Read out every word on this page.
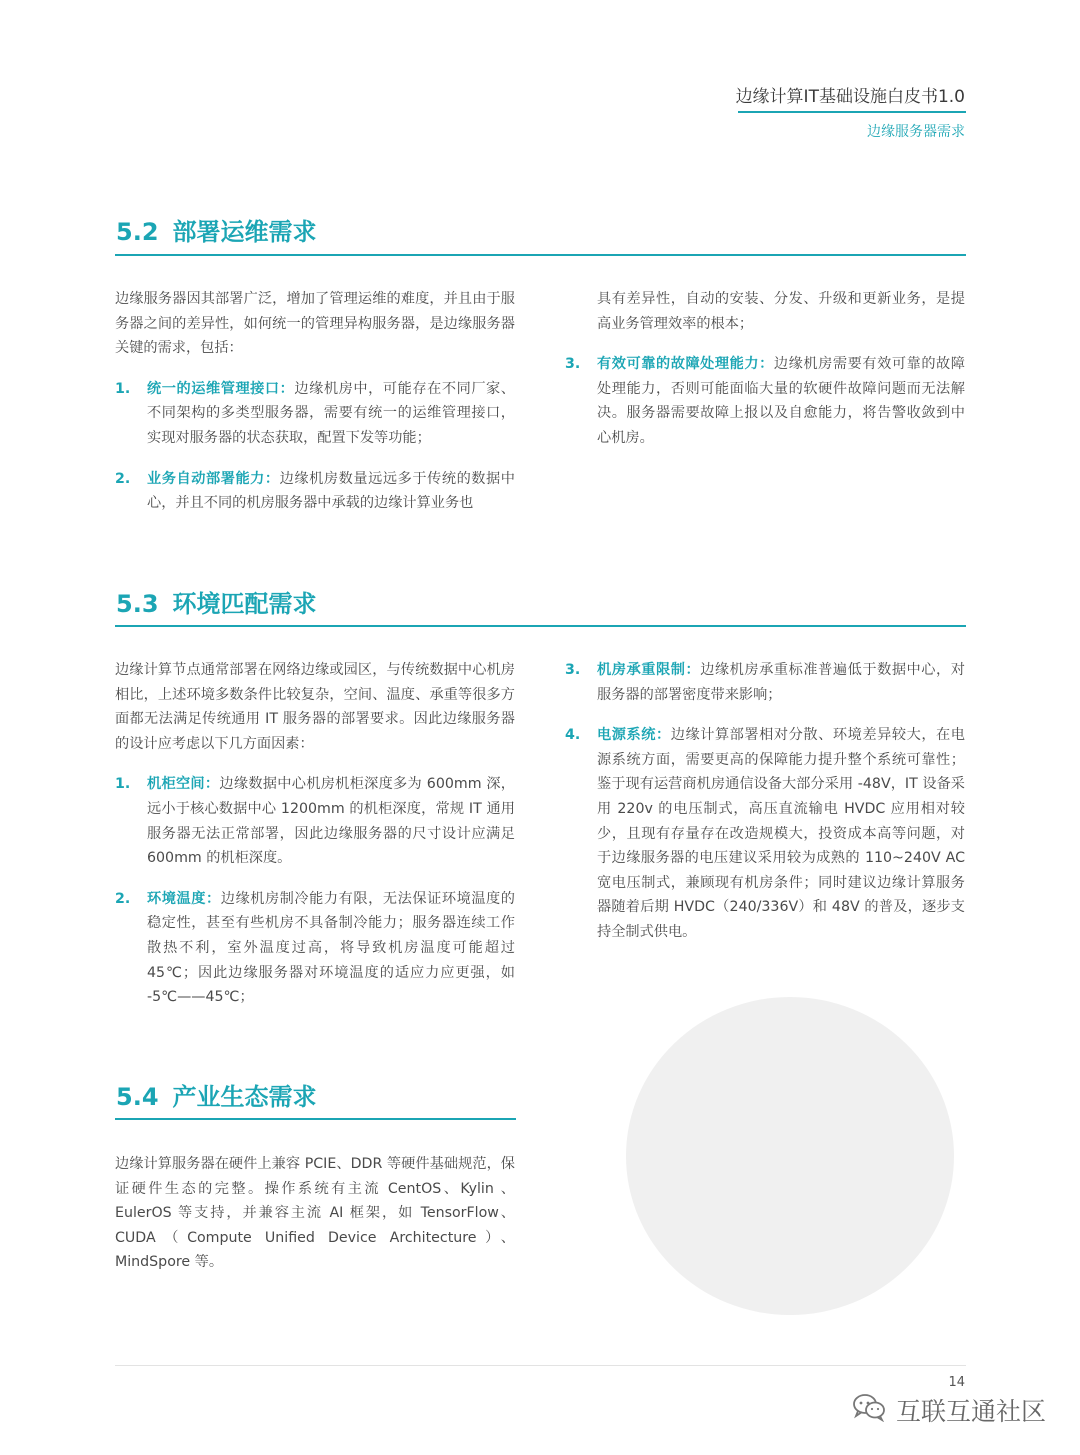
边缘计算IT基础设施白皮书1.0
边缘服务器需求
5.2 部署运维需求

边缘服务器因其部署广泛，增加了管理运维的难度，并且由于服务器之间的差异性，如何统一的管理异构服务器，是边缘服务器关键的需求，包括：

1. 统一的运维管理接口：边缘机房中，可能存在不同厂家、不同架构的多类型服务器，需要有统一的运维管理接口，实现对服务器的状态获取，配置下发等功能；
2. 业务自动部署能力：边缘机房数量远远多于传统的数据中心，并且不同的机房服务器中承载的边缘计算业务也
具有差异性，自动的安装、分发、升级和更新业务，是提高业务管理效率的根本；
3. 有效可靠的故障处理能力：边缘机房需要有效可靠的故障处理能力，否则可能面临大量的软硬件故障问题而无法解决。服务器需要故障上报以及自愈能力，将告警收敛到中心机房。
5.3 环境匹配需求

边缘计算节点通常部署在网络边缘或园区，与传统数据中心机房相比，上述环境多数条件比较复杂，空间、温度、承重等很多方面都无法满足传统通用 IT 服务器的部署要求。因此边缘服务器的设计应考虑以下几方面因素：

1. 机柜空间：边缘数据中心机房机柜深度多为 600mm 深，远小于核心数据中心 1200mm 的机柜深度，常规 IT 通用服务器无法正常部署，因此边缘服务器的尺寸设计应满足 600mm 的机柜深度。
2. 环境温度：边缘机房制冷能力有限，无法保证环境温度的稳定性，甚至有些机房不具备制冷能力；服务器连续工作散热不利，室外温度过高，将导致机房温度可能超过 45℃；因此边缘服务器对环境温度的适应力应更强，如 -5℃——45℃；
3. 机房承重限制：边缘机房承重标准普遍低于数据中心，对服务器的部署密度带来影响；
4. 电源系统：边缘计算部署相对分散、环境差异较大，在电源系统方面，需要更高的保障能力提升整个系统可靠性；鉴于现有运营商机房通信设备大部分采用 -48V，IT 设备采用 220v 的电压制式，高压直流输电 HVDC 应用相对较少，且现有存量存在改造规模大，投资成本高等问题，对于边缘服务器的电压建议采用较为成熟的 110~240V AC 宽电压制式，兼顾现有机房条件；同时建议边缘计算服务器随着后期 HVDC（240/336V）和 48V 的普及，逐步支持全制式供电。
5.4 产业生态需求

边缘计算服务器在硬件上兼容 PCIE、DDR 等硬件基础规范，保证硬件生态的完整。操作系统有主流 CentOS、Kylin 、EulerOS 等支持，并兼容主流 AI 框架，如 TensorFlow、CUDA（Compute Unified Device Architecture）、MindSpore 等。

14
互联互通社区
